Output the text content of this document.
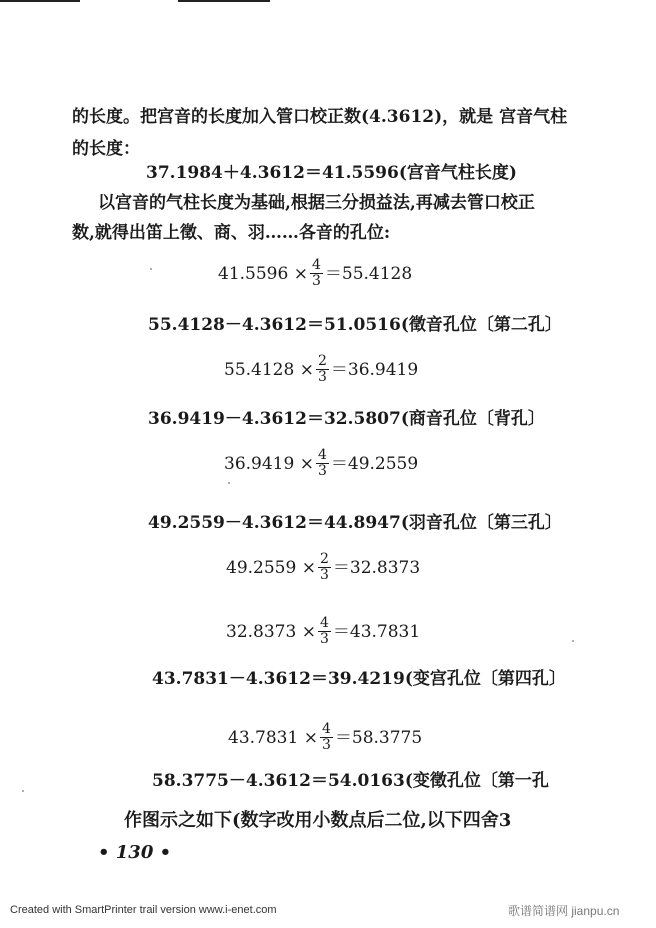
的长度。把宫音的长度加入管口校正数(4.3612)，就是 宫音气柱
的长度：
37.1984＋4.3612＝41.5596(宫音气柱长度)
以宫音的气柱长度为基础,根据三分损益法,再减去管口校正
数,就得出笛上徵、商、羽……各音的孔位:
$41.5596 \times \frac{4}{3} =55.4128$
55.4128－4.3612＝51.0516(徵音孔位〔第二孔〕
$55.4128 \times \frac{2}{3} =36.9419$
36.9419－4.3612＝32.5807(商音孔位〔背孔〕
$36.9419 \times \frac{4}{3} =49.2559$
49.2559－4.3612＝44.8947(羽音孔位〔第三孔〕
$49.2559 \times \frac{2}{3} =32.8373$
$32.8373 \times \frac{4}{3} =43.7831$
43.7831－4.3612＝39.4219(变宫孔位〔第四孔〕
$43.7831 \times \frac{4}{3} =58.3775$
58.3775－4.3612＝54.0163(变徵孔位〔第一孔
作图示之如下(数字改用小数点后二位,以下四舍3
• 130 •
Created with SmartPrinter trail version www.i-enet.com	歌谱简谱网 jianpu.cn
